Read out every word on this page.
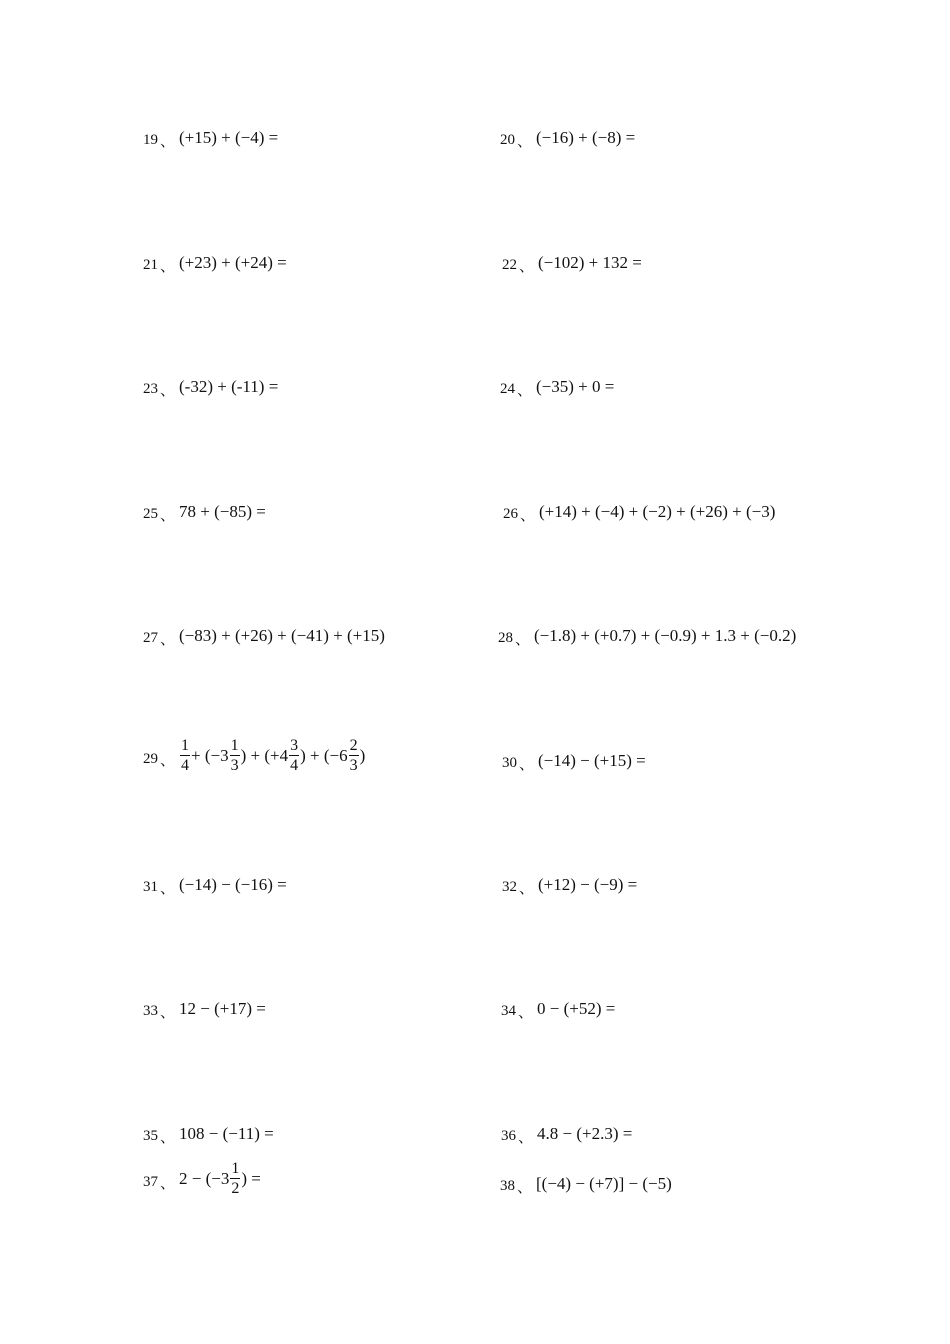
19 、 (+15) + (−4) =
21 、 (+23) + (+24) =
23 、 (-32) + (-11) =
25 、 78 + (−85) =
27 、 (−83) + (+26) + (−41) + (+15)
29 、 $\frac{1}{4} + (-3 \frac{1}{3}$ ) + ($+4 \frac{3}{4}$ ) + ($-6 \frac{2}{3}$ )
31 、 (−14) − (−16) =
33 、 12 − (+17) =
35 、 108 − (−11) =
37 、 $2 - (-3 \frac{1}{2}$ ) =
20 、 (−16) + (−8) =
22 、 (−102) + 132 =
24 、 (−35) + 0 =
26 、 (+14) + (−4) + (−2) + (+26) + (−3)
28 、 (−1.8) + (+0.7) + (−0.9) + 1.3 + (−0.2)
30 、 (−14) − (+15) =
32 、 (+12) − (−9) =
34 、 0 − (+52) =
36 、 4.8 − (+2.3) =
38 、 [(−4) − (+7)] − (−5)
